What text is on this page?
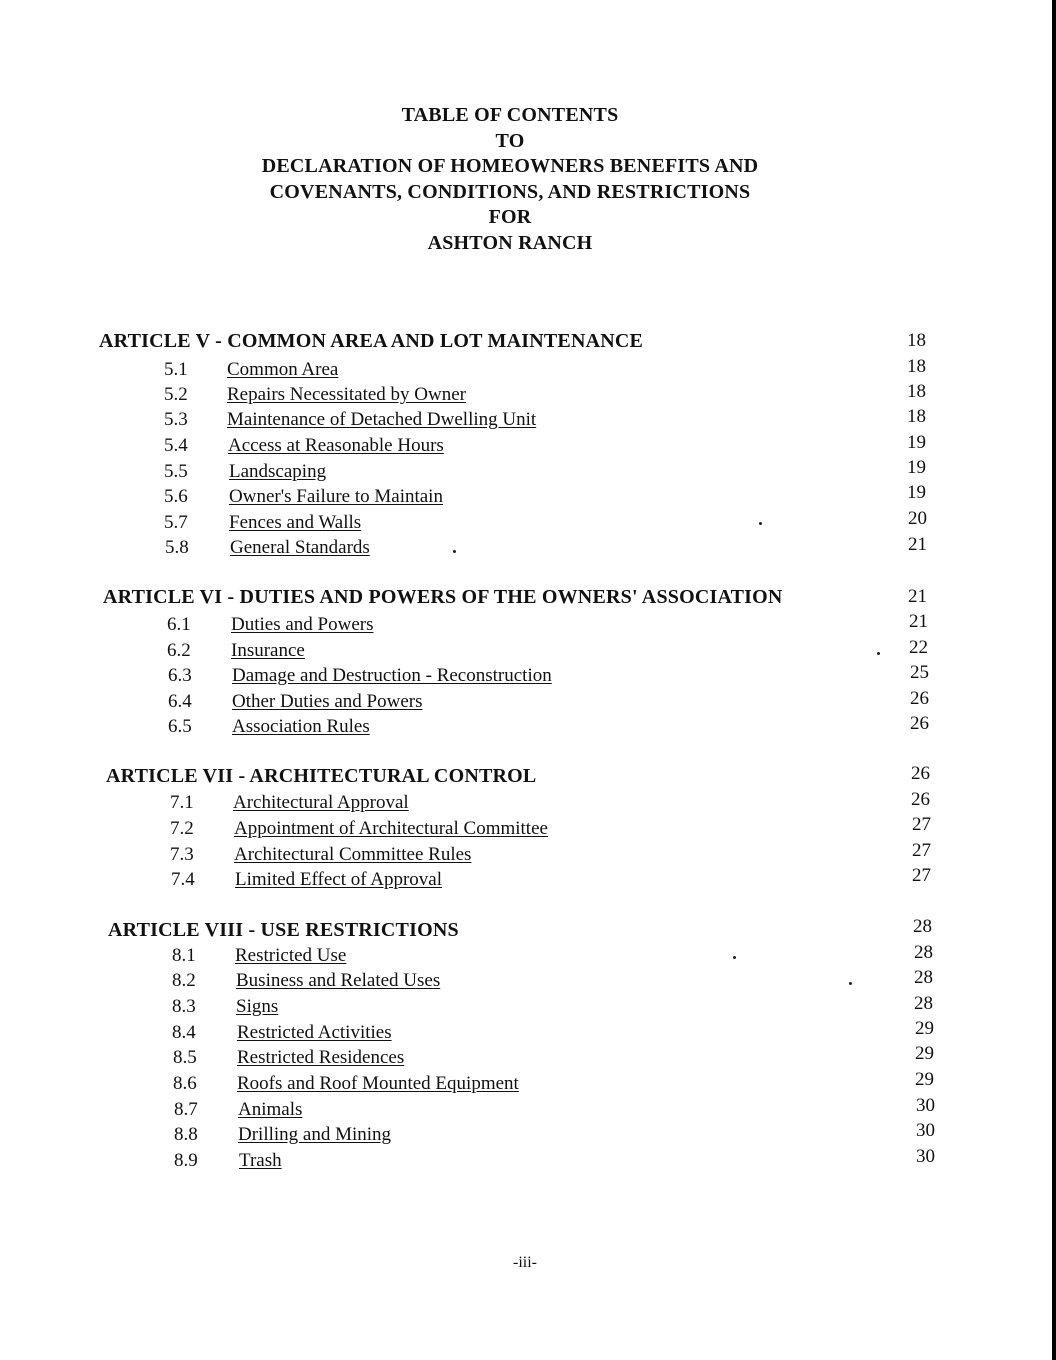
TABLE OF CONTENTS
TO
DECLARATION OF HOMEOWNERS BENEFITS AND
COVENANTS, CONDITIONS, AND RESTRICTIONS
FOR
ASHTON RANCH
ARTICLE V - COMMON AREA AND LOT MAINTENANCE	18
5.1 Common Area	18
5.2 Repairs Necessitated by Owner	18
5.3 Maintenance of Detached Dwelling Unit	18
5.4 Access at Reasonable Hours	19
5.5 Landscaping	19
5.6 Owner's Failure to Maintain	19
5.7 Fences and Walls	20
5.8 General Standards	21
ARTICLE VI - DUTIES AND POWERS OF THE OWNERS' ASSOCIATION	21
6.1 Duties and Powers	21
6.2 Insurance	22
6.3 Damage and Destruction - Reconstruction	25
6.4 Other Duties and Powers	26
6.5 Association Rules	26
ARTICLE VII - ARCHITECTURAL CONTROL	26
7.1 Architectural Approval	26
7.2 Appointment of Architectural Committee	27
7.3 Architectural Committee Rules	27
7.4 Limited Effect of Approval	27
ARTICLE VIII - USE RESTRICTIONS	28
8.1 Restricted Use	28
8.2 Business and Related Uses	28
8.3 Signs	28
8.4 Restricted Activities	29
8.5 Restricted Residences	29
8.6 Roofs and Roof Mounted Equipment	29
8.7 Animals	30
8.8 Drilling and Mining	30
8.9 Trash	30
-iii-
